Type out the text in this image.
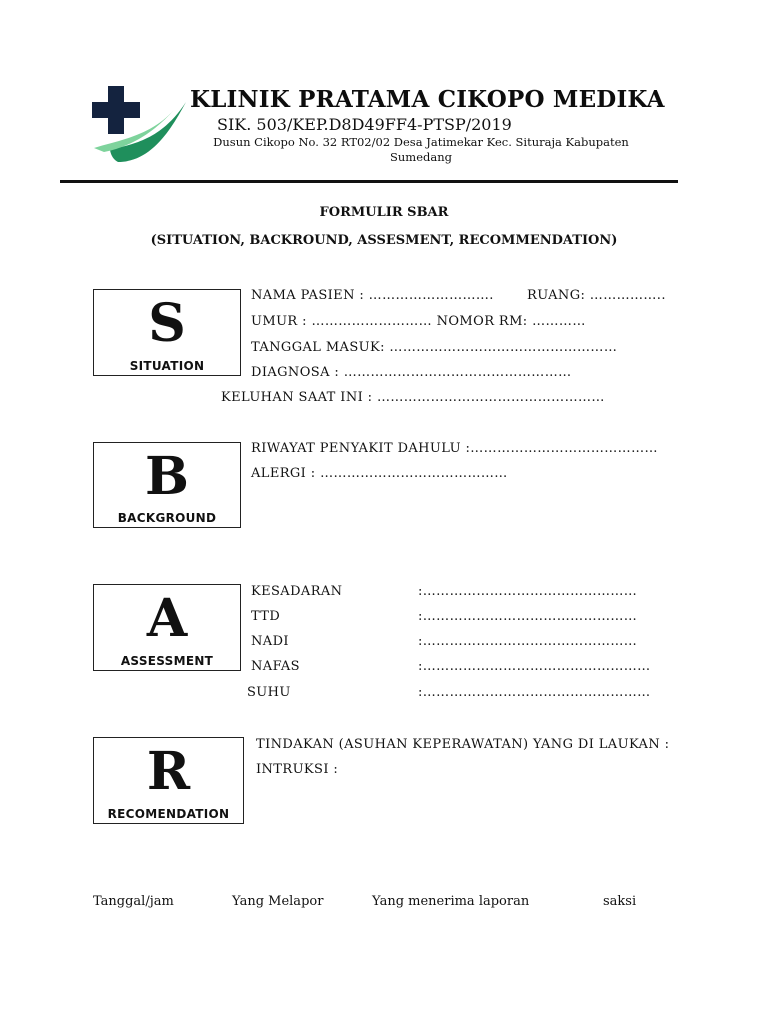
KLINIK PRATAMA CIKOPO MEDIKA
SIK. 503/KEP.D8D49FF4-PTSP/2019
Dusun Cikopo No. 32 RT02/02 Desa Jatimekar Kec. Situraja Kabupaten Sumedang
FORMULIR SBAR
(SITUATION, BACKROUND, ASSESMENT, RECOMMENDATION)
S
SITUATION
NAMA PASIEN : ……………………….	RUANG: ……………..
UMUR : ……………………… NOMOR RM: …………
TANGGAL MASUK: ……………………………………………
DIAGNOSA : ……………………………………………
KELUHAN SAAT INI : ……………………………………………
B
BACKGROUND
RIWAYAT PENYAKIT DAHULU :……………………………………
ALERGI : ……………………………………
A
ASSESSMENT
KESADARAN	:…………………………………………
TTD	:…………………………………………
NADI	:…………………………………………
NAFAS	:……………………………………………
SUHU	:……………………………………………
R
RECOMENDATION
TINDAKAN (ASUHAN KEPERAWATAN) YANG DI LAUKAN :
INTRUKSI :
Tanggal/jam	Yang Melapor	Yang menerima laporan	saksi
